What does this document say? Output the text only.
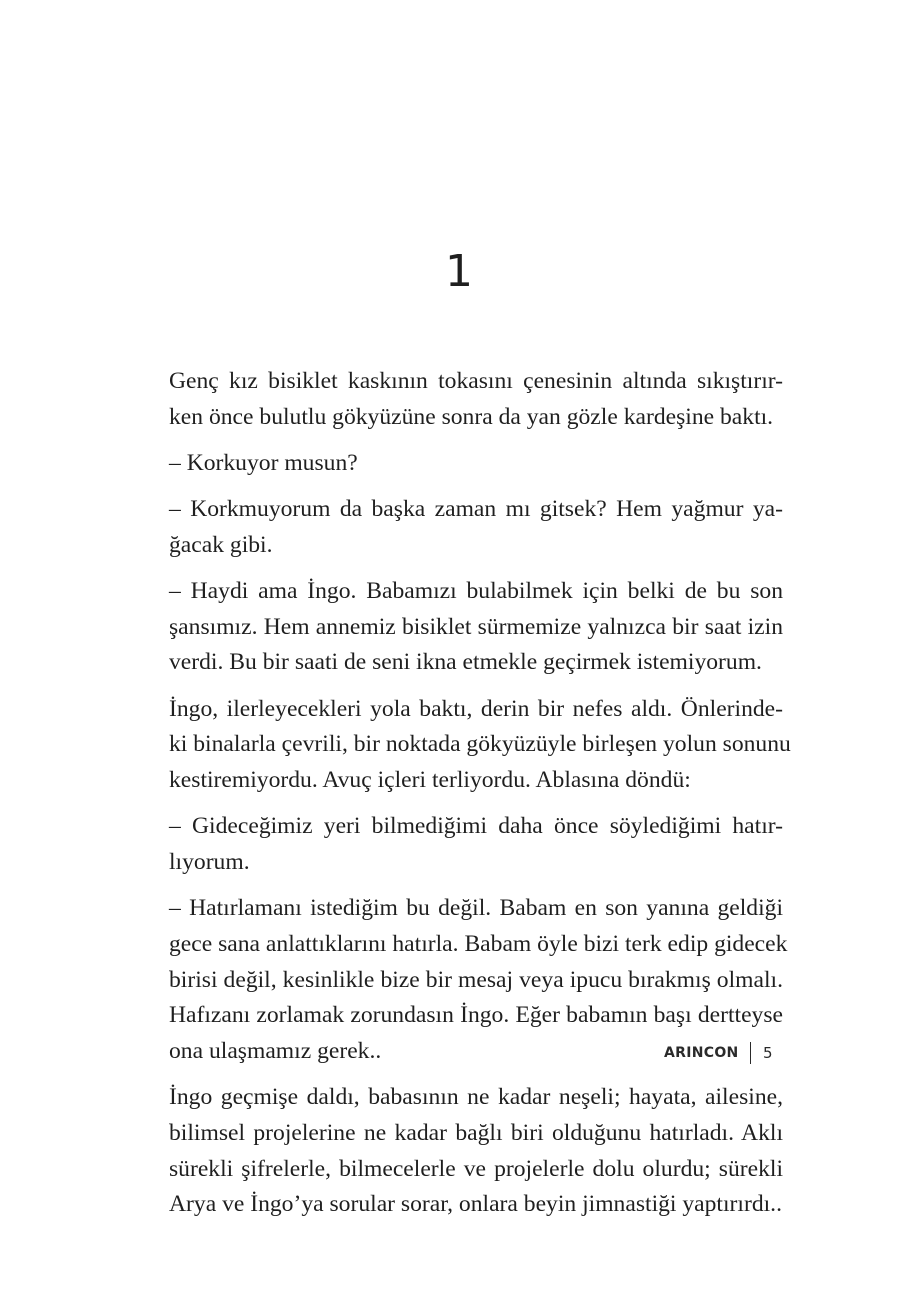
1

Genç kız bisiklet kaskının tokasını çenesinin altında sıkıştırır-
ken önce bulutlu gökyüzüne sonra da yan gözle kardeşine baktı.

– Korkuyor musun?

– Korkmuyorum da başka zaman mı gitsek? Hem yağmur ya-
ğacak gibi.

– Haydi ama İngo. Babamızı bulabilmek için belki de bu son
şansımız. Hem annemiz bisiklet sürmemize yalnızca bir saat izin
verdi. Bu bir saati de seni ikna etmekle geçirmek istemiyorum.

İngo, ilerleyecekleri yola baktı, derin bir nefes aldı. Önlerinde-
ki binalarla çevrili, bir noktada gökyüzüyle birleşen yolun sonunu
kestiremiyordu. Avuç içleri terliyordu. Ablasına döndü:

– Gideceğimiz yeri bilmediğimi daha önce söylediğimi hatır-
lıyorum.

– Hatırlamanı istediğim bu değil. Babam en son yanına geldiği
gece sana anlattıklarını hatırla. Babam öyle bizi terk edip gidecek
birisi değil, kesinlikle bize bir mesaj veya ipucu bırakmış olmalı.
Hafızanı zorlamak zorundasın İngo. Eğer babamın başı dertteyse
ona ulaşmamız gerek..

İngo geçmişe daldı, babasının ne kadar neşeli; hayata, ailesine,
bilimsel projelerine ne kadar bağlı biri olduğunu hatırladı. Aklı
sürekli şifrelerle, bilmecelerle ve projelerle dolu olurdu; sürekli
Arya ve İngo’ya sorular sorar, onlara beyin jimnastiği yaptırırdı..

ARINCON 5
